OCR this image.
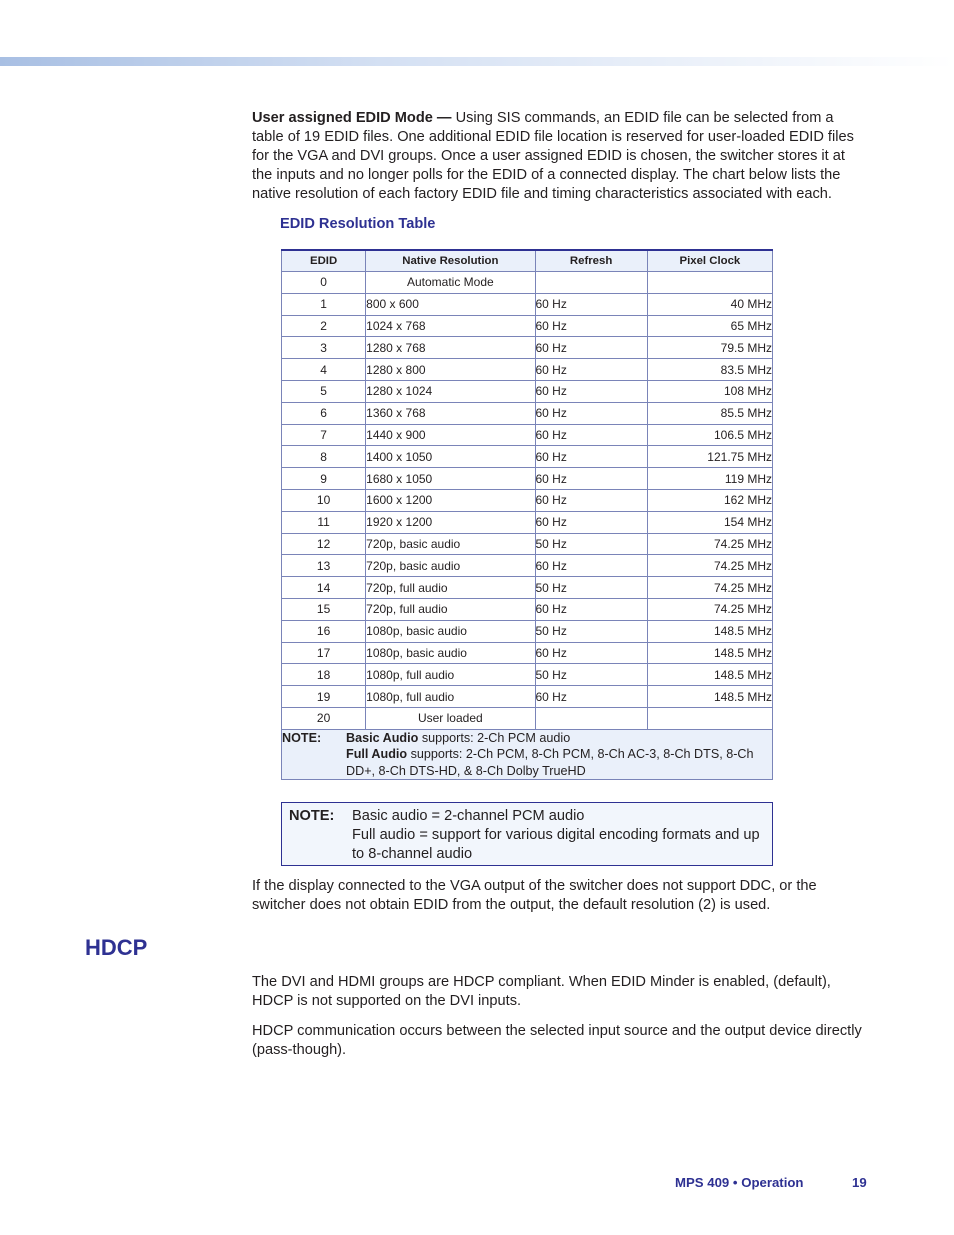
User assigned EDID Mode — Using SIS commands, an EDID file can be selected from a table of 19 EDID files. One additional EDID file location is reserved for user-loaded EDID files for the VGA and DVI groups. Once a user assigned EDID is chosen, the switcher stores it at the inputs and no longer polls for the EDID of a connected display. The chart below lists the native resolution of each factory EDID file and timing characteristics associated with each.

EDID Resolution Table

EDID	Native Resolution	Refresh	Pixel Clock
0	Automatic Mode		
1	800 x 600	60 Hz	40 MHz
2	1024 x 768	60 Hz	65 MHz
3	1280 x 768	60 Hz	79.5 MHz
4	1280 x 800	60 Hz	83.5 MHz
5	1280 x 1024	60 Hz	108 MHz
6	1360 x 768	60 Hz	85.5 MHz
7	1440 x 900	60 Hz	106.5 MHz
8	1400 x 1050	60 Hz	121.75 MHz
9	1680 x 1050	60 Hz	119 MHz
10	1600 x 1200	60 Hz	162 MHz
11	1920 x 1200	60 Hz	154 MHz
12	720p, basic audio	50 Hz	74.25 MHz
13	720p, basic audio	60 Hz	74.25 MHz
14	720p, full audio	50 Hz	74.25 MHz
15	720p, full audio	60 Hz	74.25 MHz
16	1080p, basic audio	50 Hz	148.5 MHz
17	1080p, basic audio	60 Hz	148.5 MHz
18	1080p, full audio	50 Hz	148.5 MHz
19	1080p, full audio	60 Hz	148.5 MHz
20	User loaded		

NOTE: Basic Audio supports: 2-Ch PCM audio
Full Audio supports: 2-Ch PCM, 8-Ch PCM, 8-Ch AC-3, 8-Ch DTS, 8-Ch DD+, 8-Ch DTS-HD, & 8-Ch Dolby TrueHD			
NOTE: Basic audio = 2-channel PCM audio
Full audio = support for various digital encoding formats and up to 8-channel audio

If the display connected to the VGA output of the switcher does not support DDC, or the switcher does not obtain EDID from the output, the default resolution (2) is used.

HDCP

The DVI and HDMI groups are HDCP compliant. When EDID Minder is enabled, (default), HDCP is not supported on the DVI inputs.

HDCP communication occurs between the selected input source and the output device directly (pass-though).

MPS 409 • Operation	19
